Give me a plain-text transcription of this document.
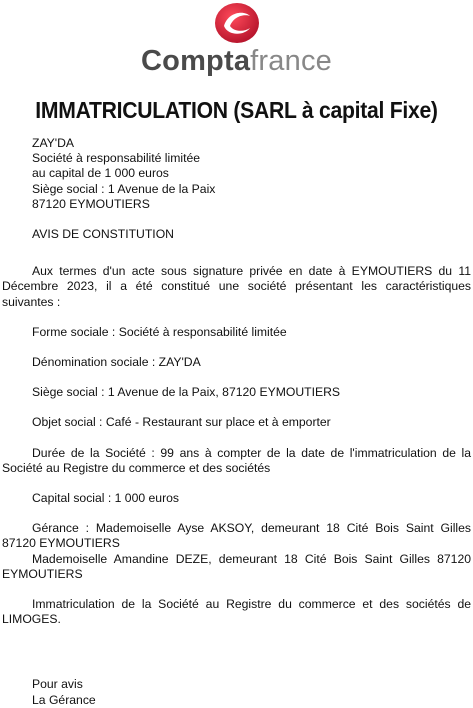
Comptafrance
IMMATRICULATION (SARL à capital Fixe)

ZAY'DA

Société à responsabilité limitée

au capital de 1 000 euros

Siège social : 1 Avenue de la Paix

87120 EYMOUTIERS

AVIS DE CONSTITUTION

Aux termes d'un acte sous signature privée en date à EYMOUTIERS du 11 Décembre 2023, il a été constitué une société présentant les caractéristiques suivantes :

Forme sociale : Société à responsabilité limitée

Dénomination sociale : ZAY'DA

Siège social : 1 Avenue de la Paix, 87120 EYMOUTIERS

Objet social : Café - Restaurant sur place et à emporter

Durée de la Société : 99 ans à compter de la date de l'immatriculation de la Société au Registre du commerce et des sociétés

Capital social : 1 000 euros

Gérance : Mademoiselle Ayse AKSOY, demeurant 18 Cité Bois Saint Gilles 87120 EYMOUTIERS

Mademoiselle Amandine DEZE, demeurant 18 Cité Bois Saint Gilles 87120 EYMOUTIERS

Immatriculation de la Société au Registre du commerce et des sociétés de LIMOGES.

Pour avis

La Gérance
